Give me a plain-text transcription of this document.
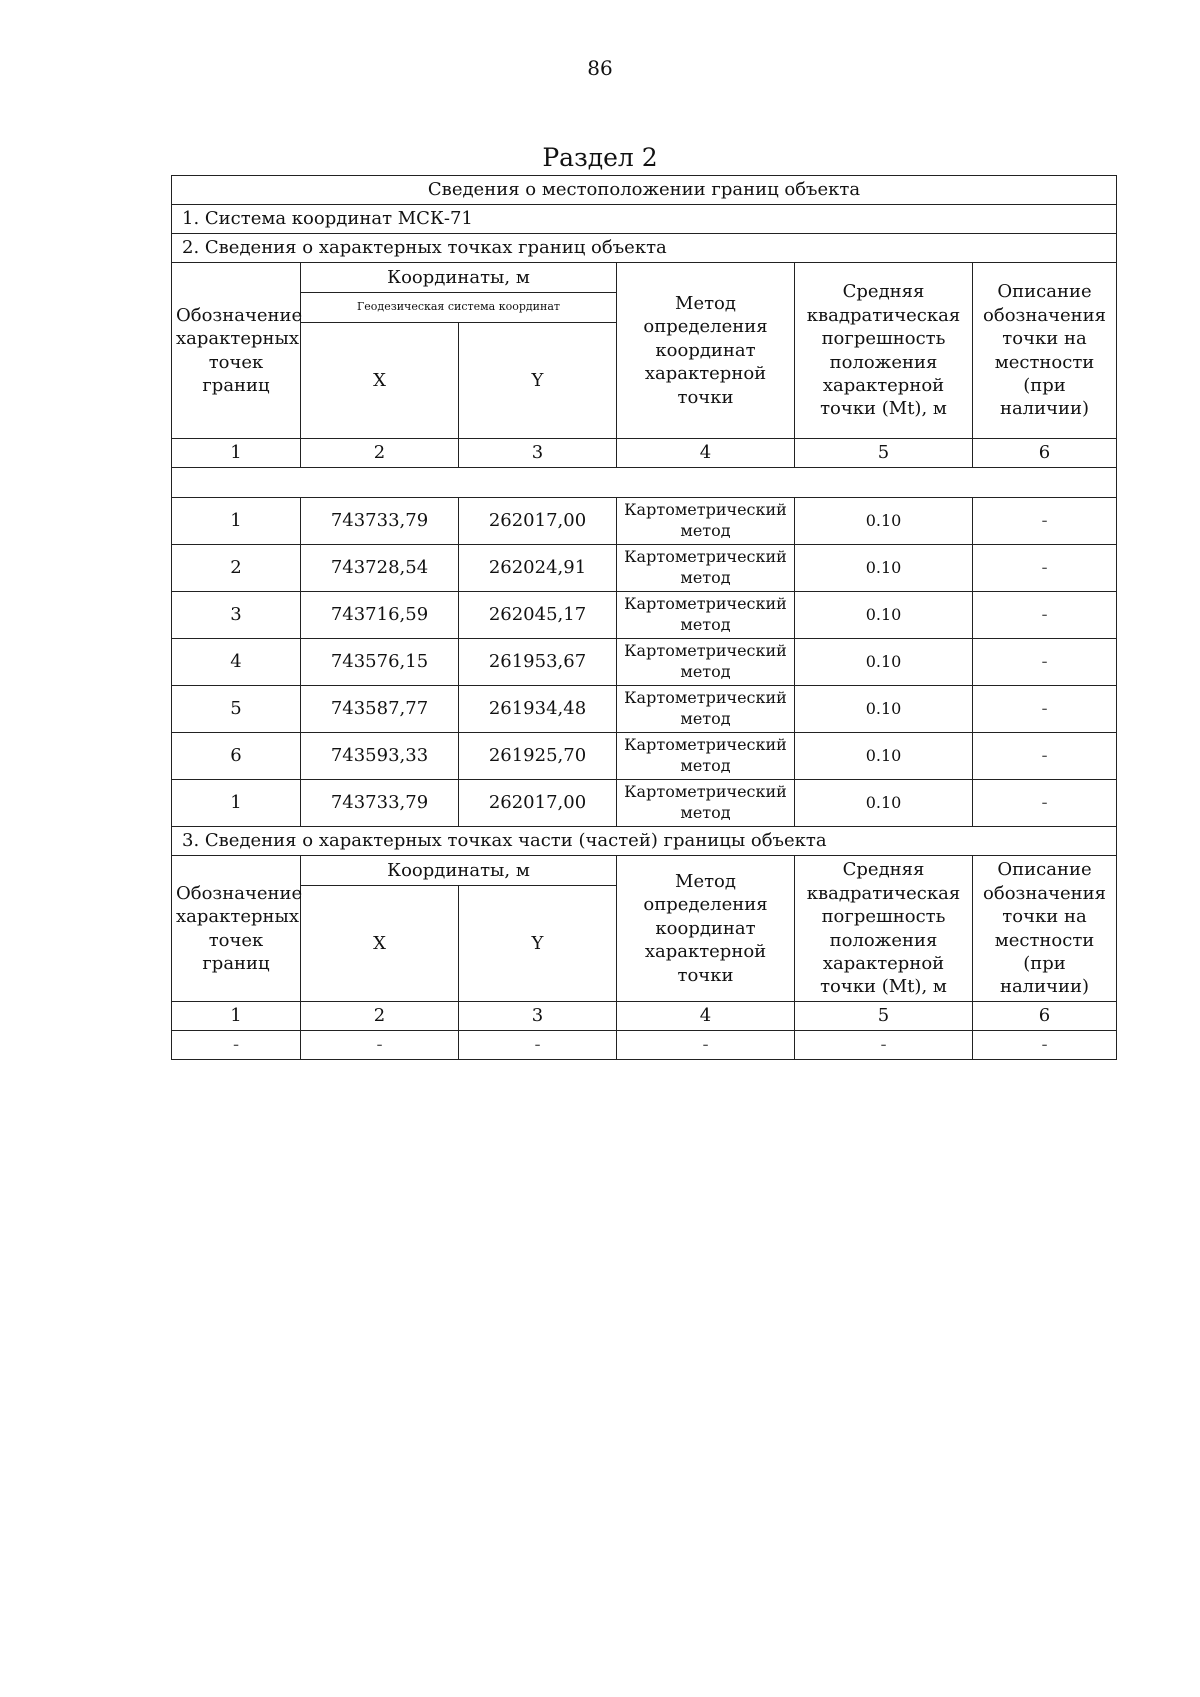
86
Раздел 2
Сведения о местоположении границ объекта					
1. Система координат МСК-71					
2. Сведения о характерных точках границ объекта					
Обозначение характерных точек границ	Координаты, м		Метод определения координат характерной точки	Средняя квадратическая погрешность положения характерной точки (Mt), м	Описание обозначения точки на местности (при наличии)
	Геодезическая система координат				
	X	Y			
1	2	3	4	5	6

1	743733,79	262017,00	Картометрический метод	0.10	-
2	743728,54	262024,91	Картометрический метод	0.10	-
3	743716,59	262045,17	Картометрический метод	0.10	-
4	743576,15	261953,67	Картометрический метод	0.10	-
5	743587,77	261934,48	Картометрический метод	0.10	-
6	743593,33	261925,70	Картометрический метод	0.10	-
1	743733,79	262017,00	Картометрический метод	0.10	-
3. Сведения о характерных точках части (частей) границы объекта					
Обозначение характерных точек границ	Координаты, м		Метод определения координат характерной точки	Средняя квадратическая погрешность положения характерной точки (Mt), м	Описание обозначения точки на местности (при наличии)
	X	Y			
1	2	3	4	5	6
-	-	-	-	-	-
